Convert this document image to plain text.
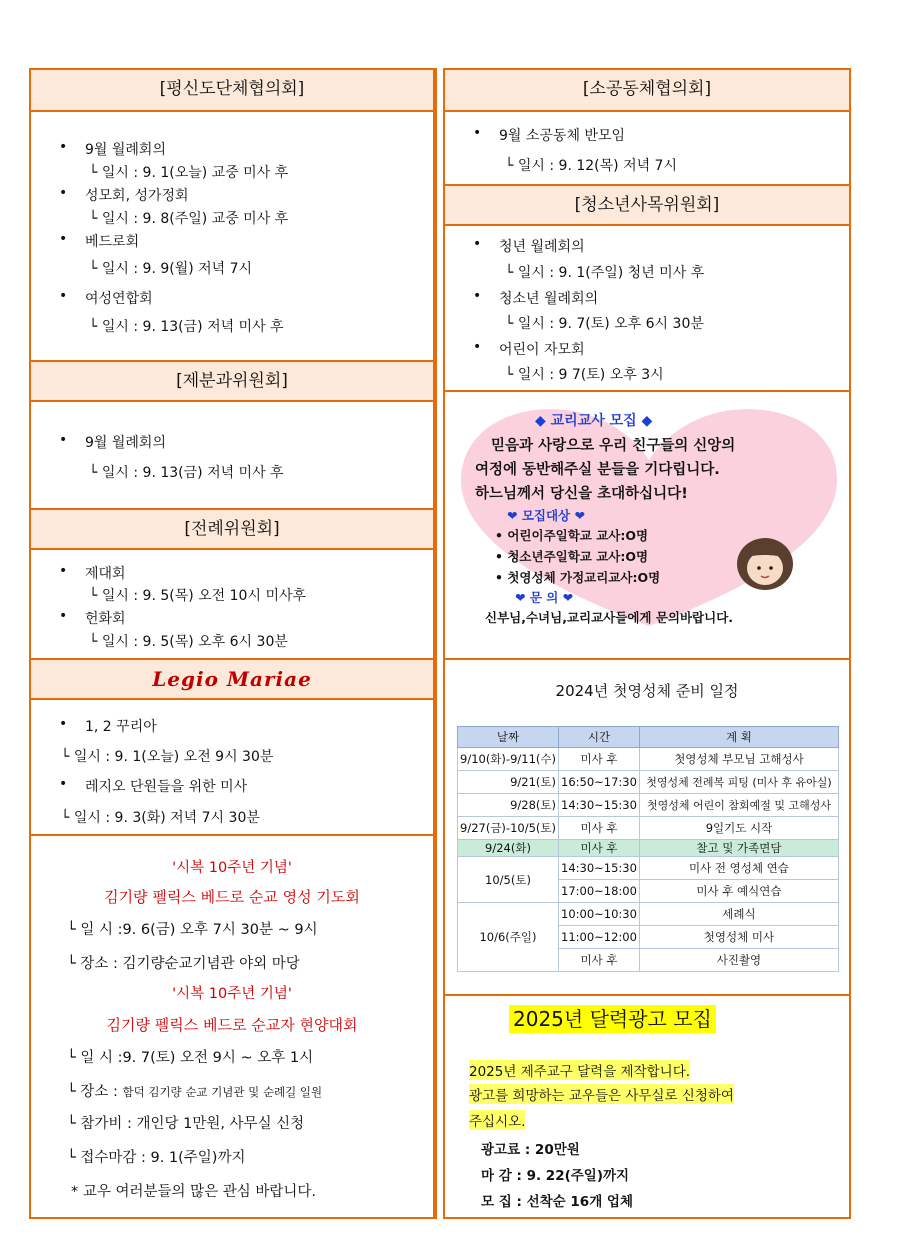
[평신도단체협의회]
• 9월 월례회의
└ 일시 : 9. 1(오늘) 교중 미사 후
• 성모회, 성가정회
└ 일시 : 9. 8(주일) 교중 미사 후
• 베드로회
└ 일시 : 9. 9(월) 저녁 7시
• 여성연합회
└ 일시 : 9. 13(금) 저녁 미사 후
[제분과위원회]
• 9월 월례회의
└ 일시 : 9. 13(금) 저녁 미사 후
[전례위원회]
• 제대회
└ 일시 : 9. 5(목) 오전 10시 미사후
• 헌화회
└ 일시 : 9. 5(목) 오후 6시 30분
Legio Mariae
• 1, 2 꾸리아
└ 일시 : 9. 1(오늘) 오전 9시 30분
• 레지오 단원들을 위한 미사
└ 일시 : 9. 3(화) 저녁 7시 30분
'시복 10주년 기념'
김기량 펠릭스 베드로 순교 영성 기도회
└ 일 시 :9. 6(금) 오후 7시 30분 ~ 9시
└ 장소 : 김기량순교기념관 야외 마당
'시복 10주년 기념'
김기량 펠릭스 베드로 순교자 현양대회
└ 일 시 :9. 7(토) 오전 9시 ~ 오후 1시
└ 장소 : 함덕 김기량 순교 기념관 및 순례길 일원
└ 참가비 : 개인당 1만원, 사무실 신청
└ 접수마감 : 9. 1(주일)까지
* 교우 여러분들의 많은 관심 바랍니다.
[소공동체협의회]
• 9월 소공동체 반모임
└ 일시 : 9. 12(목) 저녁 7시
[청소년사목위원회]
• 청년 월례회의
└ 일시 : 9. 1(주일) 청년 미사 후
• 청소년 월례회의
└ 일시 : 9. 7(토) 오후 6시 30분
• 어린이 자모회
└ 일시 : 9 7(토) 오후 3시
◆ 교리교사 모집 ◆
믿음과 사랑으로 우리 친구들의 신앙의
여정에 동반해주실 분들을 기다립니다.
하느님께서 당신을 초대하십니다!
❤ 모집대상 ❤
• 어린이주일학교 교사:O명
• 청소년주일학교 교사:O명
• 첫영성체 가정교리교사:O명
❤ 문 의 ❤
신부님,수녀님,교리교사들에게 문의바랍니다.
2024년 첫영성체 준비 일정
날짜	시간	계 획
9/10(화)-9/11(수)	미사 후	첫영성체 부모님 고해성사
9/21(토)	16:50~17:30	첫영성체 전례복 피팅 (미사 후 유아실)
9/28(토)	14:30~15:30	첫영성체 어린이 참회예절 및 고해성사
9/27(금)-10/5(토)	미사 후	9일기도 시작
9/24(화)	미사 후	찰고 및 가족면담
10/5(토)	14:30~15:30	미사 전 영성체 연습
	17:00~18:00	미사 후 예식연습
10/6(주일)	10:00~10:30	세례식
	11:00~12:00	첫영성체 미사
	미사 후	사진촬영
2025년 달력광고 모집
2025년 제주교구 달력을 제작합니다.
광고를 희망하는 교우들은 사무실로 신청하여
주십시오.
광고료 : 20만원
마 감 : 9. 22(주일)까지
모 집 : 선착순 16개 업체
